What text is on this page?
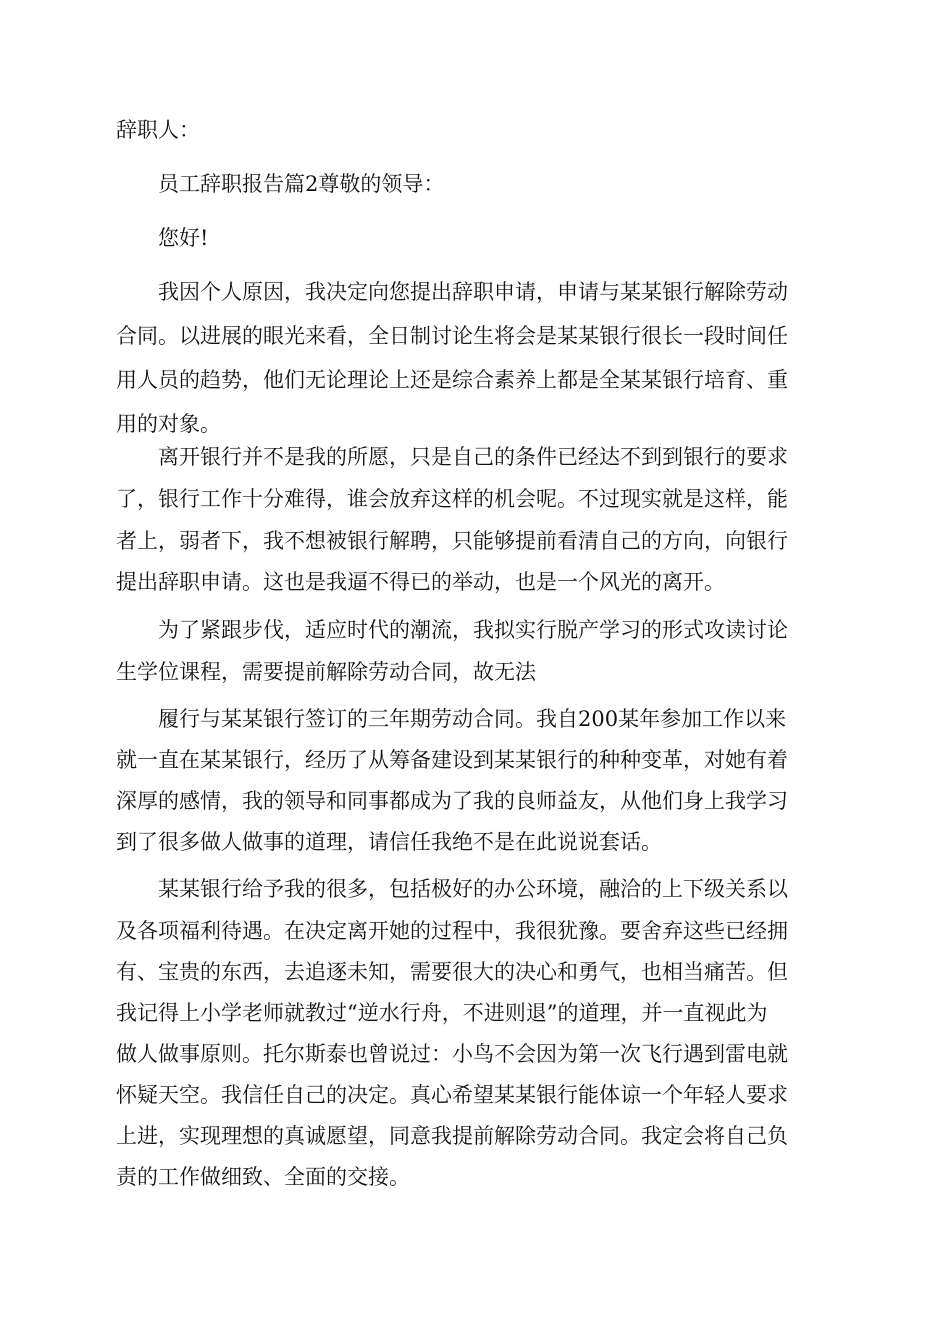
辞职人：

员工辞职报告篇2尊敬的领导：

您好!

　　我因个人原因，我决定向您提出辞职申请，申请与某某银行解除劳动

合同。以进展的眼光来看，全日制讨论生将会是某某银行很长一段时间任

用人员的趋势，他们无论理论上还是综合素养上都是全某某银行培育、重

用的对象。

　　离开银行并不是我的所愿，只是自己的条件已经达不到到银行的要求

了，银行工作十分难得，谁会放弃这样的机会呢。不过现实就是这样，能

者上，弱者下，我不想被银行解聘，只能够提前看清自己的方向，向银行

提出辞职申请。这也是我逼不得已的举动，也是一个风光的离开。

　　为了紧跟步伐，适应时代的潮流，我拟实行脱产学习的形式攻读讨论

生学位课程，需要提前解除劳动合同，故无法

　　履行与某某银行签订的三年期劳动合同。我自200某年参加工作以来

就一直在某某银行，经历了从筹备建设到某某银行的种种变革，对她有着

深厚的感情，我的领导和同事都成为了我的良师益友，从他们身上我学习

到了很多做人做事的道理，请信任我绝不是在此说说套话。

　　某某银行给予我的很多，包括极好的办公环境，融洽的上下级关系以

及各项福利待遇。在决定离开她的过程中，我很犹豫。要舍弃这些已经拥

有、宝贵的东西，去追逐未知，需要很大的决心和勇气，也相当痛苦。但

我记得上小学老师就教过“逆水行舟，不进则退”的道理，并一直视此为

做人做事原则。托尔斯泰也曾说过：小鸟不会因为第一次飞行遇到雷电就

怀疑天空。我信任自己的决定。真心希望某某银行能体谅一个年轻人要求

上进，实现理想的真诚愿望，同意我提前解除劳动合同。我定会将自己负

责的工作做细致、全面的交接。
